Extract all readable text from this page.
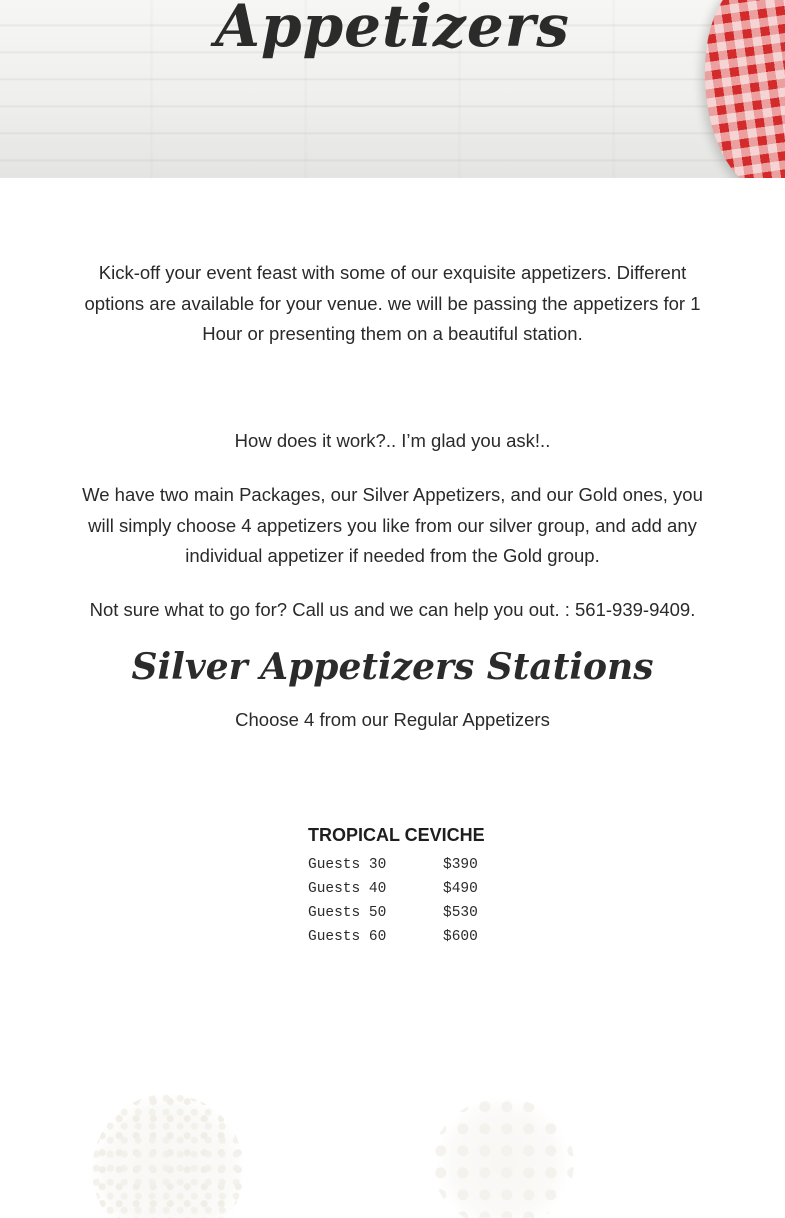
Appetizers

Kick-off your event feast with some of our exquisite appetizers. Different options are available for your venue. we will be passing the appetizers for 1 Hour or presenting them on a beautiful station.

How does it work?.. I’m glad you ask!..

We have two main Packages, our Silver Appetizers, and our Gold ones, you will simply choose 4 appetizers you like from our silver group, and add any individual appetizer if needed from the Gold group.

Not sure what to go for? Call us and we can help you out. : 561-939-9409.

Silver Appetizers Stations

Choose 4 from our Regular Appetizers

TROPICAL CEVICHE
Guests 30	$390
Guests 40	$490
Guests 50	$530
Guests 60	$600
